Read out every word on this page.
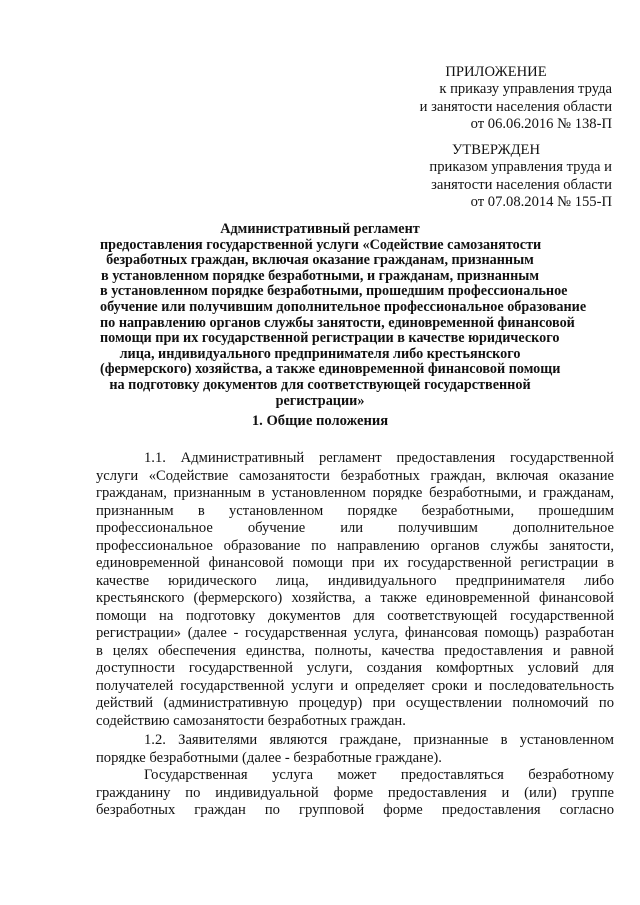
ПРИЛОЖЕНИЕ
к приказу управления труда
и занятости населения области
от 06.06.2016 № 138-П
УТВЕРЖДЕН
приказом управления труда и
занятости населения области
от 07.08.2014 № 155-П
Административный регламент
предоставления государственной услуги «Содействие самозанятости
безработных граждан, включая оказание гражданам, признанным
в установленном порядке безработными, и гражданам, признанным
в установленном порядке безработными, прошедшим профессиональное
обучение или получившим дополнительное профессиональное образование
по направлению органов службы занятости, единовременной финансовой
помощи при их государственной регистрации в качестве юридического
лица, индивидуального предпринимателя либо крестьянского
(фермерского) хозяйства, а также единовременной финансовой помощи
на подготовку документов для соответствующей государственной
регистрации»
1. Общие положения
1.1. Административный регламент предоставления государственной
услуги «Содействие самозанятости безработных граждан, включая оказание
гражданам, признанным в установленном порядке безработными, и гражданам,
признанным в установленном порядке безработными, прошедшим
профессиональное обучение или получившим дополнительное
профессиональное образование по направлению органов службы занятости,
единовременной финансовой помощи при их государственной регистрации в
качестве юридического лица, индивидуального предпринимателя либо
крестьянского (фермерского) хозяйства, а также единовременной финансовой
помощи на подготовку документов для соответствующей государственной
регистрации» (далее - государственная услуга, финансовая помощь) разработан
в целях обеспечения единства, полноты, качества предоставления и равной
доступности государственной услуги, создания комфортных условий для
получателей государственной услуги и определяет сроки и последовательность
действий (административную процедур) при осуществлении полномочий по
содействию самозанятости безработных граждан.
1.2. Заявителями являются граждане, признанные в установленном
порядке безработными (далее - безработные граждане).
Государственная услуга может предоставляться безработному
гражданину по индивидуальной форме предоставления и (или) группе
безработных граждан по групповой форме предоставления согласно
